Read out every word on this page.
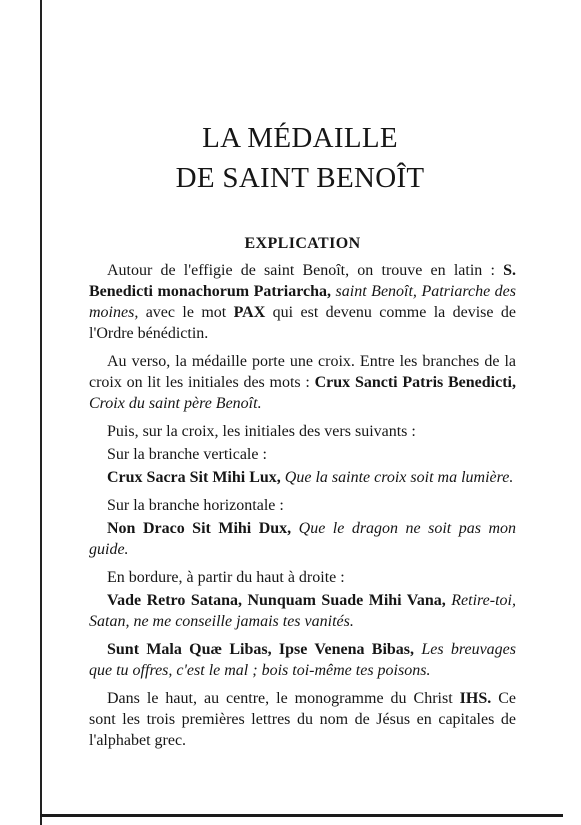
LA MÉDAILLE
DE SAINT BENOÎT
EXPLICATION

Autour de l'effigie de saint Benoît, on trouve en latin : S. Benedicti monachorum Patriarcha, saint Benoît, Patriarche des moines, avec le mot PAX qui est devenu comme la devise de l'Ordre bénédictin.

Au verso, la médaille porte une croix. Entre les branches de la croix on lit les initiales des mots : Crux Sancti Patris Benedicti, Croix du saint père Benoît.

Puis, sur la croix, les initiales des vers suivants :

Sur la branche verticale :

Crux Sacra Sit Mihi Lux, Que la sainte croix soit ma lumière.

Sur la branche horizontale :

Non Draco Sit Mihi Dux, Que le dragon ne soit pas mon guide.

En bordure, à partir du haut à droite :

Vade Retro Satana, Nunquam Suade Mihi Vana, Retire-toi, Satan, ne me conseille jamais tes vanités.

Sunt Mala Quæ Libas, Ipse Venena Bibas, Les breuvages que tu offres, c'est le mal ; bois toi-même tes poisons.

Dans le haut, au centre, le monogramme du Christ IHS. Ce sont les trois premières lettres du nom de Jésus en capitales de l'alphabet grec.
